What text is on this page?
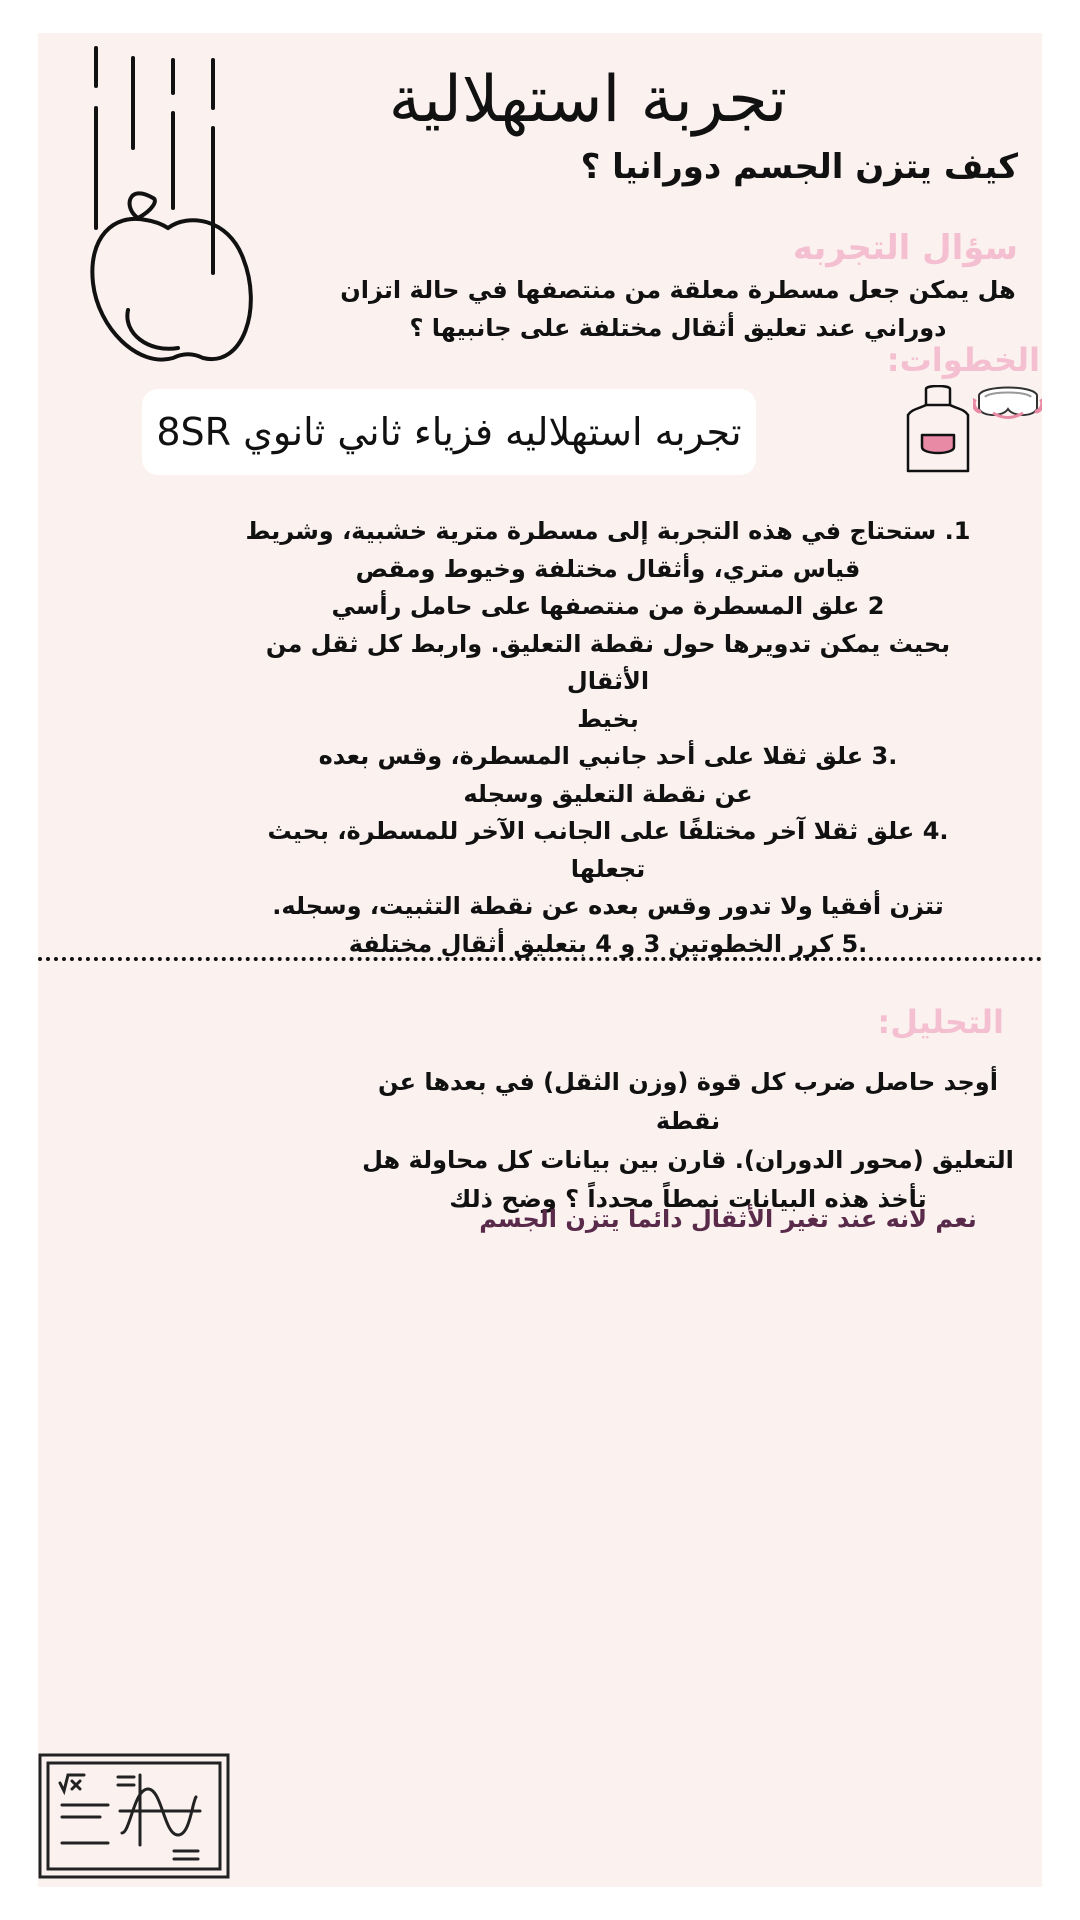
تجربة استهلالية
كيف يتزن الجسم دورانيا ؟
سؤال التجربه
هل يمكن جعل مسطرة معلقة من منتصفها في حالة اتزان
دوراني عند تعليق أثقال مختلفة على جانبيها ؟
الخطوات:
تجربه استهلاليه فزياء ثاني ثانوي 8SR
1. ستحتاج في هذه التجربة إلى مسطرة مترية خشبية، وشريط
قياس متري، وأثقال مختلفة وخيوط ومقص
2 علق المسطرة من منتصفها على حامل رأسي
بحيث يمكن تدويرها حول نقطة التعليق. واربط كل ثقل من الأثقال
بخيط
.3 علق ثقلا على أحد جانبي المسطرة، وقس بعده
عن نقطة التعليق وسجله
.4 علق ثقلا آخر مختلفًا على الجانب الآخر للمسطرة، بحيث تجعلها
تتزن أفقيا ولا تدور وقس بعده عن نقطة التثبيت، وسجله.
.5 كرر الخطوتين 3 و 4 بتعليق أثقال مختلفة
التحليل:
أوجد حاصل ضرب كل قوة (وزن الثقل) في بعدها عن نقطة
التعليق (محور الدوران). قارن بين بيانات كل محاولة هل
تأخذ هذه البيانات نمطاً محدداً ؟ وضح ذلك
نعم لانه عند تغير الأثقال دائما يتزن الجسم
